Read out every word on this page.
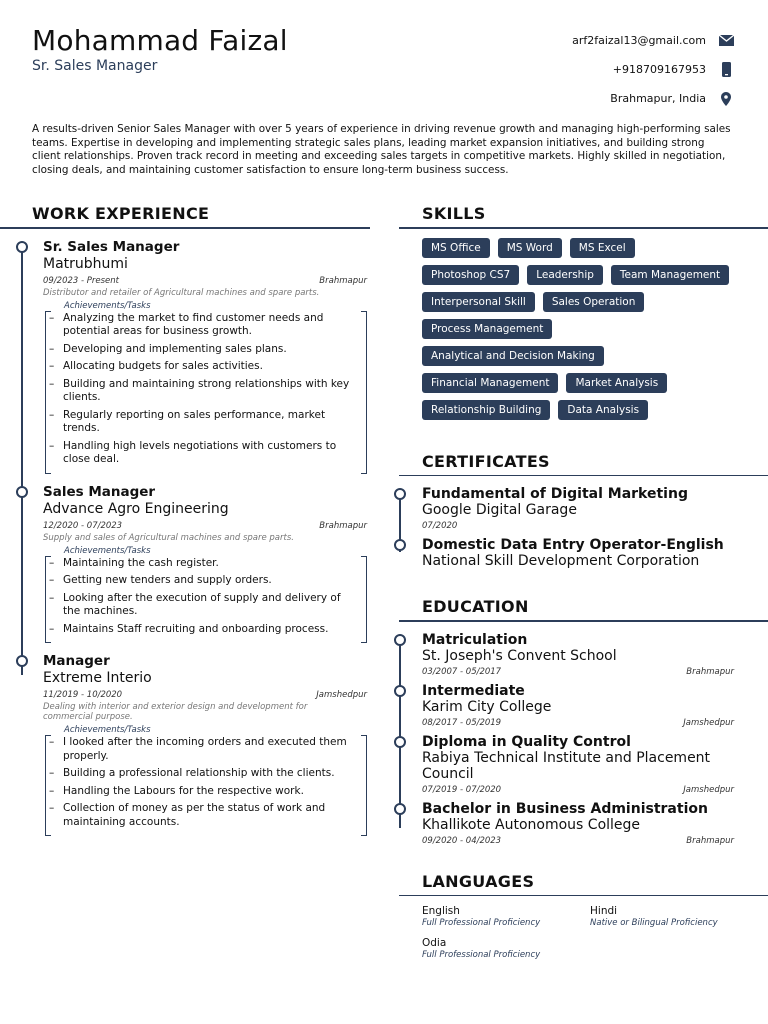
Mohammad Faizal
Sr. Sales Manager
arf2faizal13@gmail.com
+918709167953
Brahmapur, India

A results-driven Senior Sales Manager with over 5 years of experience in driving revenue growth and managing high-performing sales teams. Expertise in developing and implementing strategic sales plans, leading market expansion initiatives, and building strong client relationships. Proven track record in meeting and exceeding sales targets in competitive markets. Highly skilled in negotiation, closing deals, and maintaining customer satisfaction to ensure long-term business success.

WORK EXPERIENCE
Sr. Sales Manager
Matrubhumi
09/2023 - Present	Brahmapur
Distributor and retailer of Agricultural machines and spare parts.
Achievements/Tasks
– Analyzing the market to find customer needs and potential areas for business growth.
– Developing and implementing sales plans.
– Allocating budgets for sales activities.
– Building and maintaining strong relationships with key clients.
– Regularly reporting on sales performance, market trends.
– Handling high levels negotiations with customers to close deal.
Sales Manager
Advance Agro Engineering
12/2020 - 07/2023	Brahmapur
Supply and sales of Agricultural machines and spare parts.
Achievements/Tasks
– Maintaining the cash register.
– Getting new tenders and supply orders.
– Looking after the execution of supply and delivery of the machines.
– Maintains Staff recruiting and onboarding process.
Manager
Extreme Interio
11/2019 - 10/2020	Jamshedpur
Dealing with interior and exterior design and development for commercial purpose.
Achievements/Tasks
– I looked after the incoming orders and executed them properly.
– Building a professional relationship with the clients.
– Handling the Labours for the respective work.
– Collection of money as per the status of work and maintaining accounts.
SKILLS
MS Office	MS Word	MS Excel
Photoshop CS7	Leadership	Team Management
Interpersonal Skill	Sales Operation
Process Management
Analytical and Decision Making
Financial Management	Market Analysis
Relationship Building	Data Analysis
CERTIFICATES
Fundamental of Digital Marketing
Google Digital Garage
07/2020
Domestic Data Entry Operator-English
National Skill Development Corporation
EDUCATION
Matriculation
St. Joseph's Convent School
03/2007 - 05/2017	Brahmapur
Intermediate
Karim City College
08/2017 - 05/2019	Jamshedpur
Diploma in Quality Control
Rabiya Technical Institute and Placement Council
07/2019 - 07/2020	Jamshedpur
Bachelor in Business Administration
Khallikote Autonomous College
09/2020 - 04/2023	Brahmapur
LANGUAGES
English
Full Professional Proficiency
Hindi
Native or Bilingual Proficiency
Odia
Full Professional Proficiency
